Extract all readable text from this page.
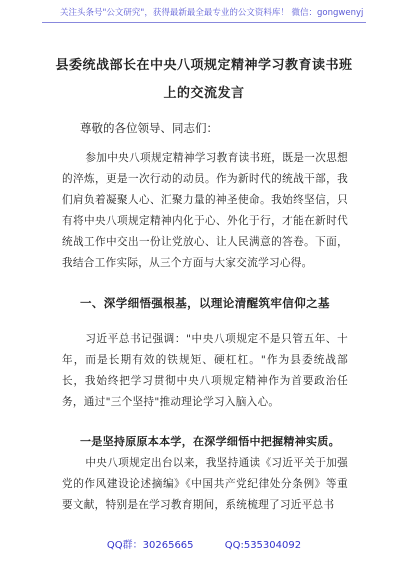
关注头条号"公文研究"，获得最新最全最专业的公文资料库！ 微信：gongwenyj
县委统战部长在中央八项规定精神学习教育读书班上的交流发言
尊敬的各位领导、同志们：
参加中央八项规定精神学习教育读书班，既是一次思想的淬炼，更是一次行动的动员。作为新时代的统战干部，我们肩负着凝聚人心、汇聚力量的神圣使命。我始终坚信，只有将中央八项规定精神内化于心、外化于行，才能在新时代统战工作中交出一份让党放心、让人民满意的答卷。下面，我结合工作实际，从三个方面与大家交流学习心得。
一、深学细悟强根基，以理论清醒筑牢信仰之基
习近平总书记强调："中央八项规定不是只管五年、十年，而是长期有效的铁规矩、硬杠杠。"作为县委统战部长，我始终把学习贯彻中央八项规定精神作为首要政治任务，通过"三个坚持"推动理论学习入脑入心。
一是坚持原原本本学，在深学细悟中把握精神实质。
中央八项规定出台以来，我坚持通读《习近平关于加强党的作风建设论述摘编》《中国共产党纪律处分条例》等重要文献，特别是在学习教育期间，系统梳理了习近平总书
QQ群：30265665	QQ:535304092
